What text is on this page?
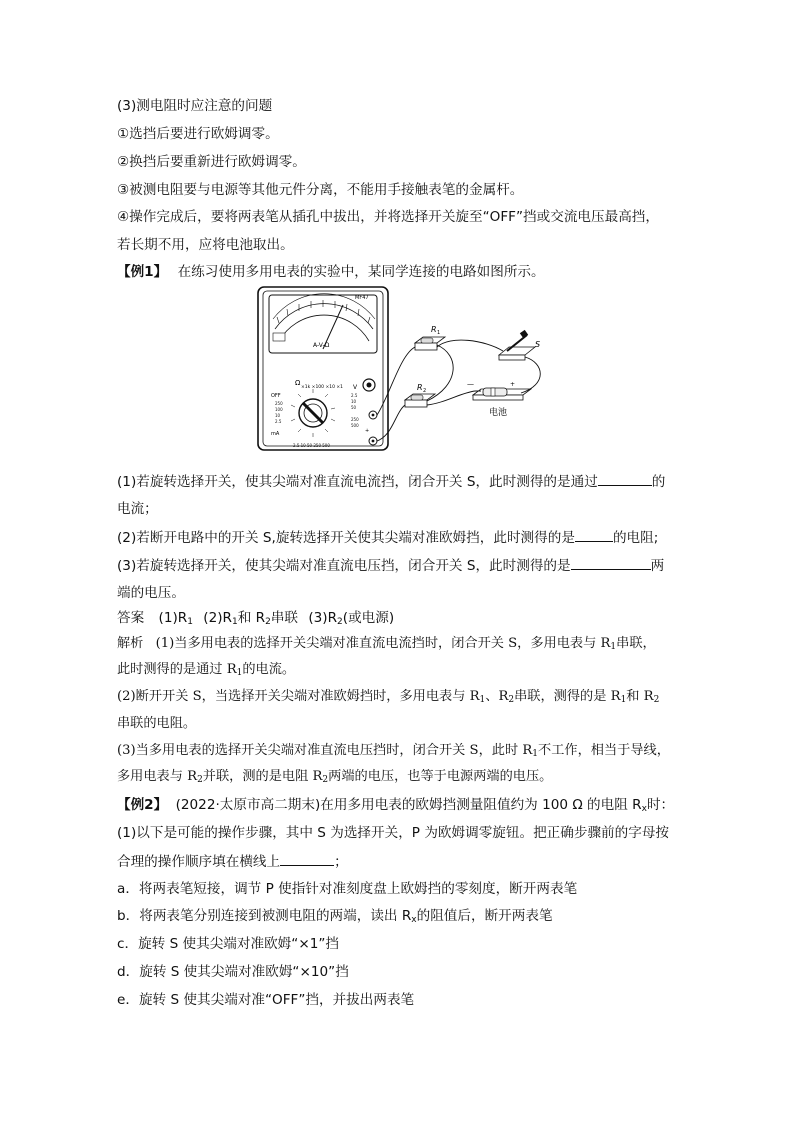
(3)测电阻时应注意的问题
①选挡后要进行欧姆调零。
②换挡后要重新进行欧姆调零。
③被测电阻要与电源等其他元件分离，不能用手接触表笔的金属杆。
④操作完成后，要将两表笔从插孔中拔出，并将选择开关旋至“OFF”挡或交流电压最高挡，
若长期不用，应将电池取出。
【例1】 在练习使用多用电表的实验中，某同学连接的电路如图所示。
A-V-Ω
MF47
Ω
×1k ×100 ×10 ×1
OFF
V
mA
250
100
10
2.5
2.5
10
50
250
500
2.5 10 50 250 500
+
R 1
R 2
S
+
—
电池
(1)若旋转选择开关，使其尖端对准直流电流挡，闭合开关 S，此时测得的是通过	的
电流；
(2)若断开电路中的开关 S,旋转选择开关使其尖端对准欧姆挡，此时测得的是	的电阻;
(3)若旋转选择开关，使其尖端对准直流电压挡，闭合开关 S，此时测得的是	两
端的电压。
答案 $(1)R_1$ $(2)R_1$和 $R_2$串联 $(3)R_2$(或电源)
解析 (1)当多用电表的选择开关尖端对准直流电流挡时，闭合开关 S，多用电表与 $R_1$串联，
此时测得的是通过 $R_1$的电流。
(2)断开开关 S，当选择开关尖端对准欧姆挡时，多用电表与 $R_1$、$R_2$串联，测得的是 $R_1$和 $R_2$
串联的电阻。
(3)当多用电表的选择开关尖端对准直流电压挡时，闭合开关 S，此时 $R_1$不工作，相当于导线，
多用电表与 $R_2$并联，测的是电阻 $R_2$两端的电压，也等于电源两端的电压。
【例2】 (2022·太原市高二期末)在用多用电表的欧姆挡测量阻值约为 100 Ω 的电阻 $R_x$时：
(1)以下是可能的操作步骤，其中 S 为选择开关，P 为欧姆调零旋钮。把正确步骤前的字母按
合理的操作顺序填在横线上	；
a．将两表笔短接，调节 P 使指针对准刻度盘上欧姆挡的零刻度，断开两表笔
b．将两表笔分别连接到被测电阻的两端，读出 $R_x$的阻值后，断开两表笔
c．旋转 S 使其尖端对准欧姆“×1”挡
d．旋转 S 使其尖端对准欧姆“×10”挡
e．旋转 S 使其尖端对准“OFF”挡，并拔出两表笔
